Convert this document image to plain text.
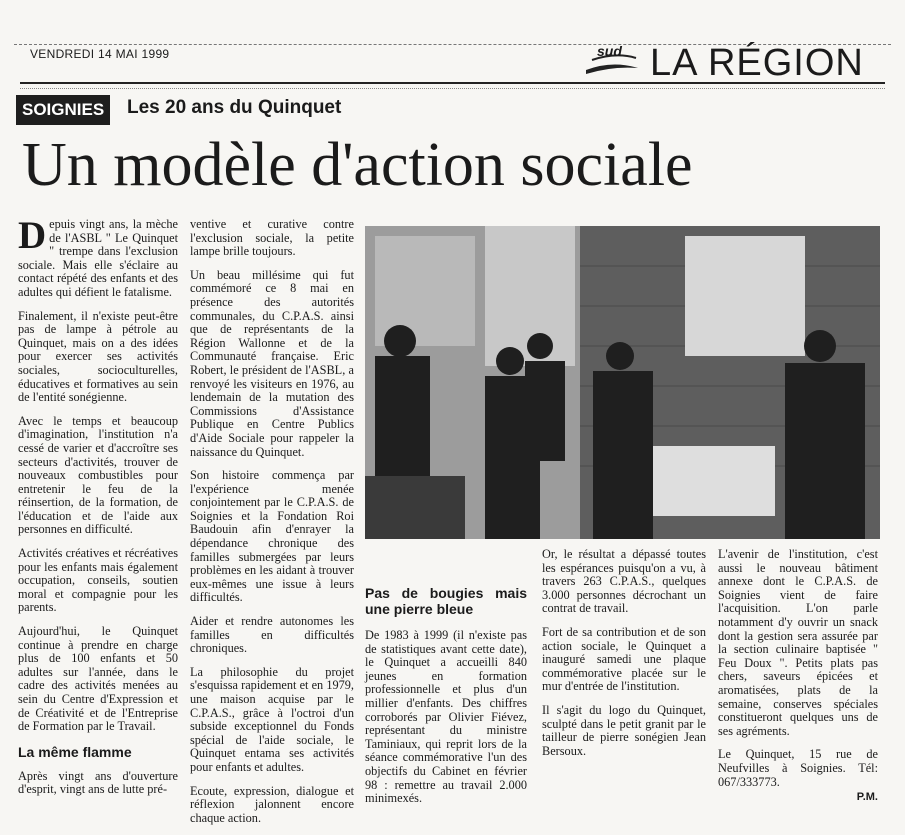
VENDREDI 14 MAI 1999	sud LA RÉGION
SOIGNIES	Les 20 ans du Quinquet
Un modèle d'action sociale

Depuis vingt ans, la mèche de l'ASBL " Le Quinquet " trempe dans l'exclusion sociale. Mais elle s'éclaire au contact répété des enfants et des adultes qui défient le fatalisme.

Finalement, il n'existe peut-être pas de lampe à pétrole au Quinquet, mais on a des idées pour exercer ses activités sociales, socioculturelles, éducatives et formatives au sein de l'entité sonégienne.

Avec le temps et beaucoup d'imagination, l'institution n'a cessé de varier et d'accroître ses secteurs d'activités, trouver de nouveaux combustibles pour entretenir le feu de la réinsertion, de la formation, de l'éducation et de l'aide aux personnes en difficulté.

Activités créatives et récréatives pour les enfants mais également occupation, conseils, soutien moral et compagnie pour les parents.

Aujourd'hui, le Quinquet continue à prendre en charge plus de 100 enfants et 50 adultes sur l'année, dans le cadre des activités menées au sein du Centre d'Expression et de Créativité et de l'Entreprise de Formation par le Travail.

La même flamme

Après vingt ans d'ouverture d'esprit, vingt ans de lutte pré-

ventive et curative contre l'exclusion sociale, la petite lampe brille toujours.

Un beau millésime qui fut commémoré ce 8 mai en présence des autorités communales, du C.P.A.S. ainsi que de représentants de la Région Wallonne et de la Communauté française. Eric Robert, le président de l'ASBL, a renvoyé les visiteurs en 1976, au lendemain de la mutation des Commissions d'Assistance Publique en Centre Publics d'Aide Sociale pour rappeler la naissance du Quinquet.

Son histoire commença par l'expérience menée conjointement par le C.P.A.S. de Soignies et la Fondation Roi Baudouin afin d'enrayer la dépendance chronique des familles submergées par leurs problèmes en les aidant à trouver eux-mêmes une issue à leurs difficultés.

Aider et rendre autonomes les familles en difficultés chroniques.

La philosophie du projet s'esquissa rapidement et en 1979, une maison acquise par le C.P.A.S., grâce à l'octroi d'un subside exceptionnel du Fonds spécial de l'aide sociale, le Quinquet entama ses activités pour enfants et adultes.

Ecoute, expression, dialogue et réflexion jalonnent encore chaque action.

Pas de bougies mais une pierre bleue

De 1983 à 1999 (il n'existe pas de statistiques avant cette date), le Quinquet a accueilli 840 jeunes en formation professionnelle et plus d'un millier d'enfants. Des chiffres corroborés par Olivier Fiévez, représentant du ministre Taminiaux, qui reprit lors de la séance commémorative l'un des objectifs du Cabinet en février 98 : remettre au travail 2.000 minimexés.

Or, le résultat a dépassé toutes les espérances puisqu'on a vu, à travers 263 C.P.A.S., quelques 3.000 personnes décrochant un contrat de travail.

Fort de sa contribution et de son action sociale, le Quinquet a inauguré samedi une plaque commémorative placée sur le mur d'entrée de l'institution.

Il s'agit du logo du Quinquet, sculpté dans le petit granit par le tailleur de pierre sonégien Jean Bersoux.

L'avenir de l'institution, c'est aussi le nouveau bâtiment annexe dont le C.P.A.S. de Soignies vient de faire l'acquisition. L'on parle notamment d'y ouvrir un snack dont la gestion sera assurée par la section culinaire baptisée " Feu Doux ". Petits plats pas chers, saveurs épicées et aromatisées, plats de la semaine, conserves spéciales constitueront quelques uns de ses agréments.

Le Quinquet, 15 rue de Neufvilles à Soignies. Tél: 067/333773.

P.M.
